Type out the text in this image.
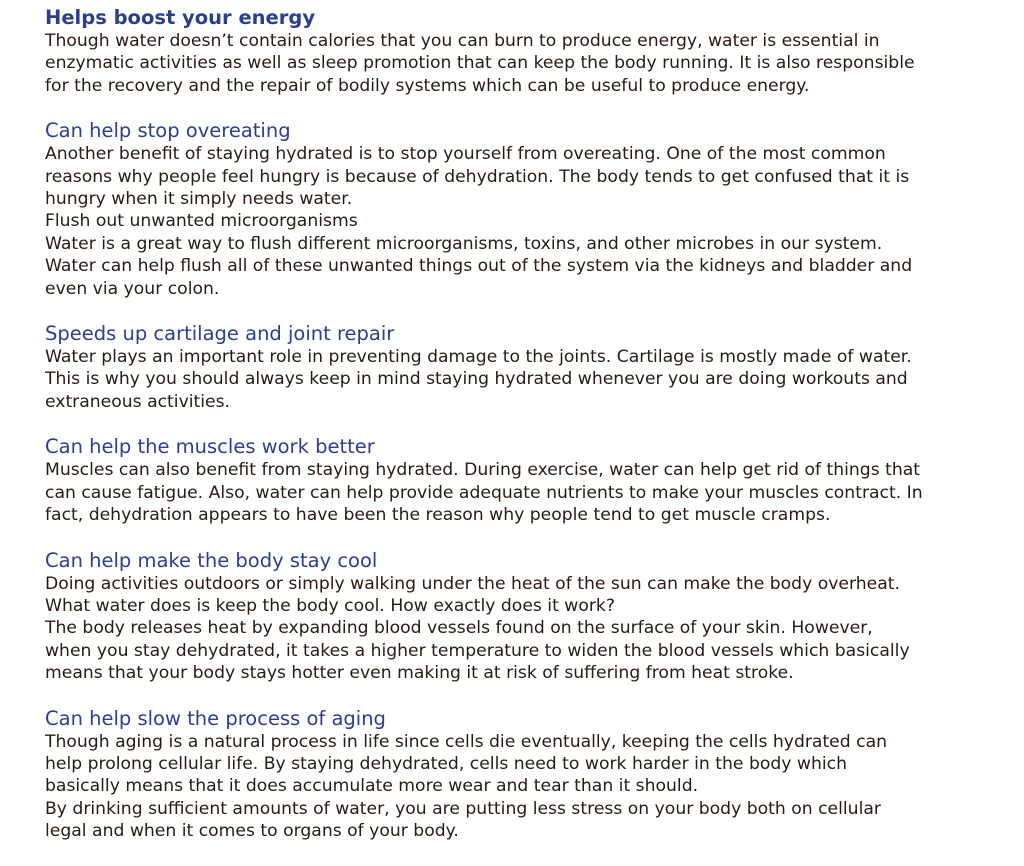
Helps boost your energy

Though water doesn’t contain calories that you can burn to produce energy, water is essential in
enzymatic activities as well as sleep promotion that can keep the body running. It is also responsible
for the recovery and the repair of bodily systems which can be useful to produce energy.

Can help stop overeating

Another benefit of staying hydrated is to stop yourself from overeating. One of the most common
reasons why people feel hungry is because of dehydration. The body tends to get confused that it is
hungry when it simply needs water.

Flush out unwanted microorganisms

Water is a great way to flush different microorganisms, toxins, and other microbes in our system.
Water can help flush all of these unwanted things out of the system via the kidneys and bladder and
even via your colon.

Speeds up cartilage and joint repair

Water plays an important role in preventing damage to the joints. Cartilage is mostly made of water.
This is why you should always keep in mind staying hydrated whenever you are doing workouts and
extraneous activities.

Can help the muscles work better

Muscles can also benefit from staying hydrated. During exercise, water can help get rid of things that
can cause fatigue. Also, water can help provide adequate nutrients to make your muscles contract. In
fact, dehydration appears to have been the reason why people tend to get muscle cramps.

Can help make the body stay cool

Doing activities outdoors or simply walking under the heat of the sun can make the body overheat.
What water does is keep the body cool. How exactly does it work?

The body releases heat by expanding blood vessels found on the surface of your skin. However,
when you stay dehydrated, it takes a higher temperature to widen the blood vessels which basically
means that your body stays hotter even making it at risk of suffering from heat stroke.

Can help slow the process of aging

Though aging is a natural process in life since cells die eventually, keeping the cells hydrated can
help prolong cellular life. By staying dehydrated, cells need to work harder in the body which
basically means that it does accumulate more wear and tear than it should.

By drinking sufficient amounts of water, you are putting less stress on your body both on cellular
legal and when it comes to organs of your body.
